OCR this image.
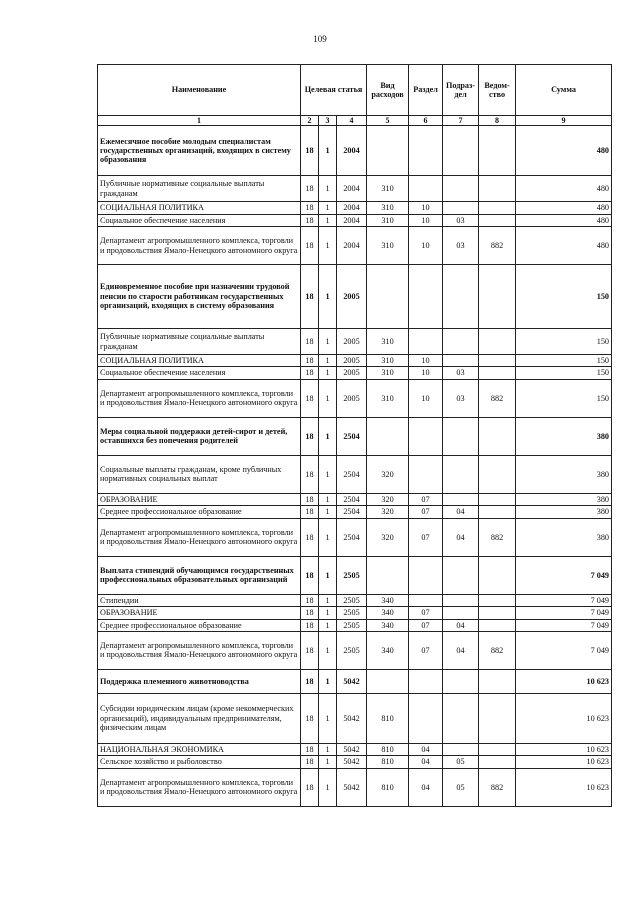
109
Наименование	Целевая статья			Вид расходов	Раздел	Подраз-дел	Ведом-ство	Сумма
1	2	3	4	5	6	7	8	9
Ежемесячное пособие молодым специалистам государственных организаций, входящих в систему образования	18	1	2004					480
Публичные нормативные социальные выплаты гражданам	18	1	2004	310				480
СОЦИАЛЬНАЯ ПОЛИТИКА	18	1	2004	310	10			480
Социальное обеспечение населения	18	1	2004	310	10	03		480
Департамент агропромышленного комплекса, торговли и продовольствия Ямало-Ненецкого автономного округа	18	1	2004	310	10	03	882	480
Единовременное пособие при назначении трудовой пенсии по старости работникам государственных организаций, входящих в систему образования	18	1	2005					150
Публичные нормативные социальные выплаты гражданам	18	1	2005	310				150
СОЦИАЛЬНАЯ ПОЛИТИКА	18	1	2005	310	10			150
Социальное обеспечение населения	18	1	2005	310	10	03		150
Департамент агропромышленного комплекса, торговли и продовольствия Ямало-Ненецкого автономного округа	18	1	2005	310	10	03	882	150
Меры социальной поддержки детей-сирот и детей, оставшихся без попечения родителей	18	1	2504					380
Социальные выплаты гражданам, кроме публичных нормативных социальных выплат	18	1	2504	320				380
ОБРАЗОВАНИЕ	18	1	2504	320	07			380
Среднее профессиональное образование	18	1	2504	320	07	04		380
Департамент агропромышленного комплекса, торговли и продовольствия Ямало-Ненецкого автономного округа	18	1	2504	320	07	04	882	380
Выплата стипендий обучающимся государственных профессиональных образовательных организаций	18	1	2505					7 049
Стипендии	18	1	2505	340				7 049
ОБРАЗОВАНИЕ	18	1	2505	340	07			7 049
Среднее профессиональное образование	18	1	2505	340	07	04		7 049
Департамент агропромышленного комплекса, торговли и продовольствия Ямало-Ненецкого автономного округа	18	1	2505	340	07	04	882	7 049
Поддержка племенного животноводства	18	1	5042					10 623
Субсидии юридическим лицам (кроме некоммерческих организаций), индивидуальным предпринимателям, физическим лицам	18	1	5042	810				10 623
НАЦИОНАЛЬНАЯ ЭКОНОМИКА	18	1	5042	810	04			10 623
Сельское хозяйство и рыболовство	18	1	5042	810	04	05		10 623
Департамент агропромышленного комплекса, торговли и продовольствия Ямало-Ненецкого автономного округа	18	1	5042	810	04	05	882	10 623
